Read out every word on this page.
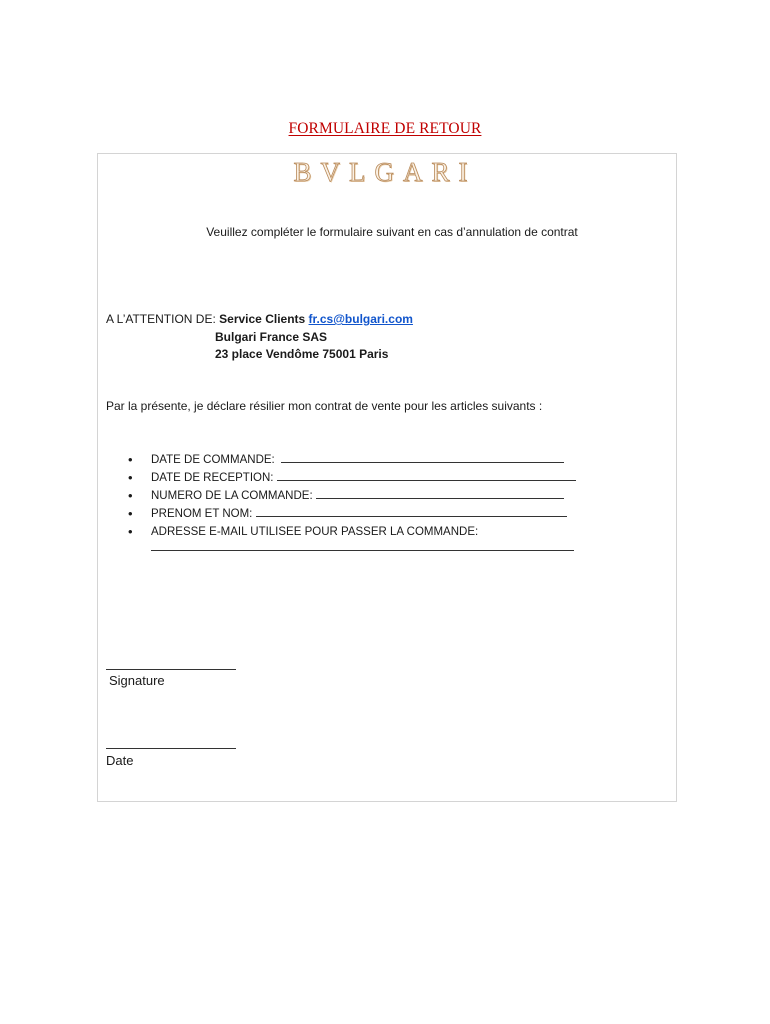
FORMULAIRE DE RETOUR
BVLGARI
Veuillez compléter le formulaire suivant en cas d’annulation de contrat
A L’ATTENTION DE: Service Clients fr.cs@bulgari.com
Bulgari France SAS
23 place Vendôme 75001 Paris
Par la présente, je déclare résilier mon contrat de vente pour les articles suivants :
• DATE DE COMMANDE:
• DATE DE RECEPTION:
• NUMERO DE LA COMMANDE:
• PRENOM ET NOM:
• ADRESSE E-MAIL UTILISEE POUR PASSER LA COMMANDE:
Signature
Date
